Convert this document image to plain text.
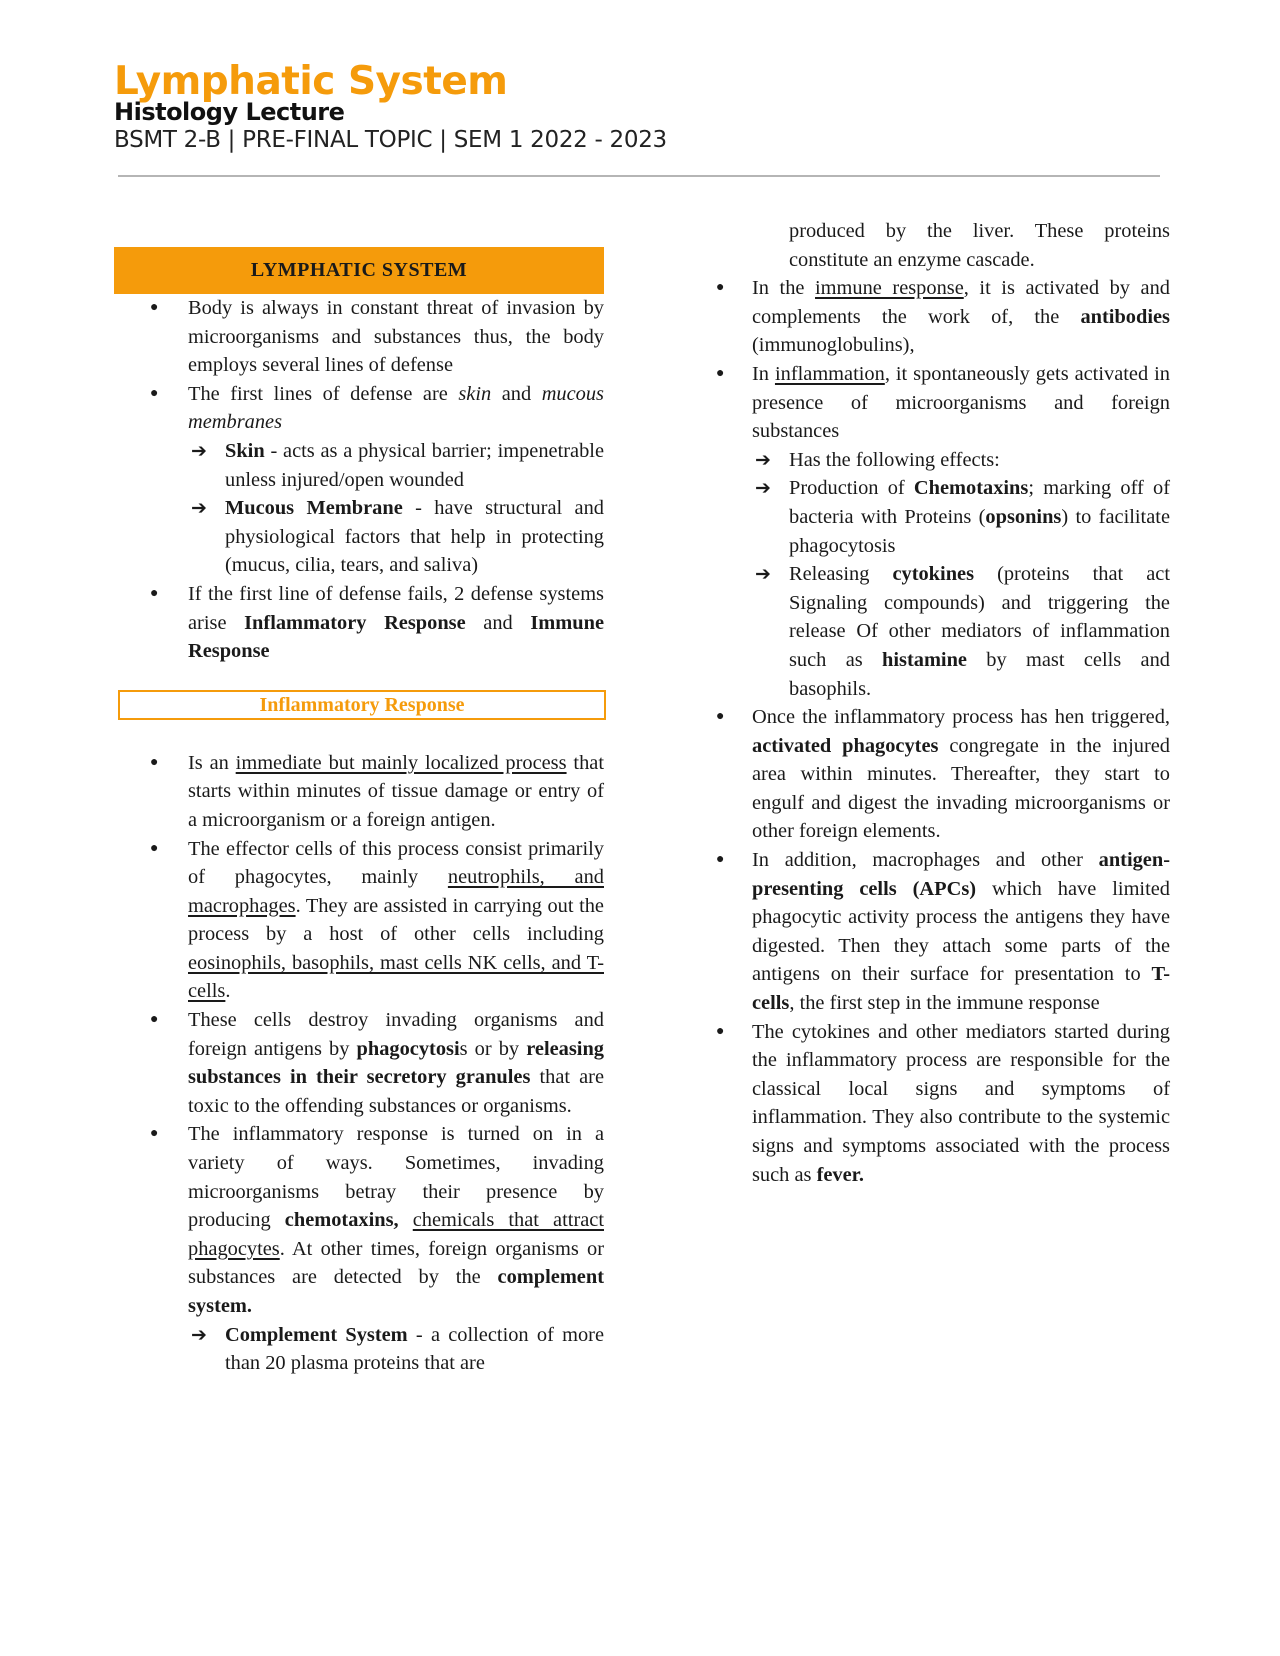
Lymphatic System
Histology Lecture
BSMT 2-B | PRE-FINAL TOPIC | SEM 1 2022 - 2023
LYMPHATIC SYSTEM
● Body is always in constant threat of invasion by microorganisms and substances thus, the body employs several lines of defense
● The first lines of defense are skin and mucous membranes
➔ Skin - acts as a physical barrier; impenetrable unless injured/open wounded
➔ Mucous Membrane - have structural and physiological factors that help in protecting (mucus, cilia, tears, and saliva)
● If the first line of defense fails, 2 defense systems arise Inflammatory Response and Immune Response
Inflammatory Response
● Is an immediate but mainly localized process that starts within minutes of tissue damage or entry of a microorganism or a foreign antigen.
● The effector cells of this process consist primarily of phagocytes, mainly neutrophils, and macrophages. They are assisted in carrying out the process by a host of other cells including eosinophils, basophils, mast cells NK cells, and T-cells.
● These cells destroy invading organisms and foreign antigens by phagocytosis or by releasing substances in their secretory granules that are toxic to the offending substances or organisms.
● The inflammatory response is turned on in a variety of ways. Sometimes, invading microorganisms betray their presence by producing chemotaxins, chemicals that attract phagocytes. At other times, foreign organisms or substances are detected by the complement system.
➔ Complement System - a collection of more than 20 plasma proteins that are
produced by the liver. These proteins constitute an enzyme cascade.
● In the immune response, it is activated by and complements the work of, the antibodies (immunoglobulins),
● In inflammation, it spontaneously gets activated in presence of microorganisms and foreign substances
➔ Has the following effects:
➔ Production of Chemotaxins; marking off of bacteria with Proteins (opsonins) to facilitate phagocytosis
➔ Releasing cytokines (proteins that act Signaling compounds) and triggering the release Of other mediators of inflammation such as histamine by mast cells and basophils.
● Once the inflammatory process has hen triggered, activated phagocytes congregate in the injured area within minutes. Thereafter, they start to engulf and digest the invading microorganisms or other foreign elements.
● In addition, macrophages and other antigen-presenting cells (APCs) which have limited phagocytic activity process the antigens they have digested. Then they attach some parts of the antigens on their surface for presentation to T-cells, the first step in the immune response
● The cytokines and other mediators started during the inflammatory process are responsible for the classical local signs and symptoms of inflammation. They also contribute to the systemic signs and symptoms associated with the process such as fever.
